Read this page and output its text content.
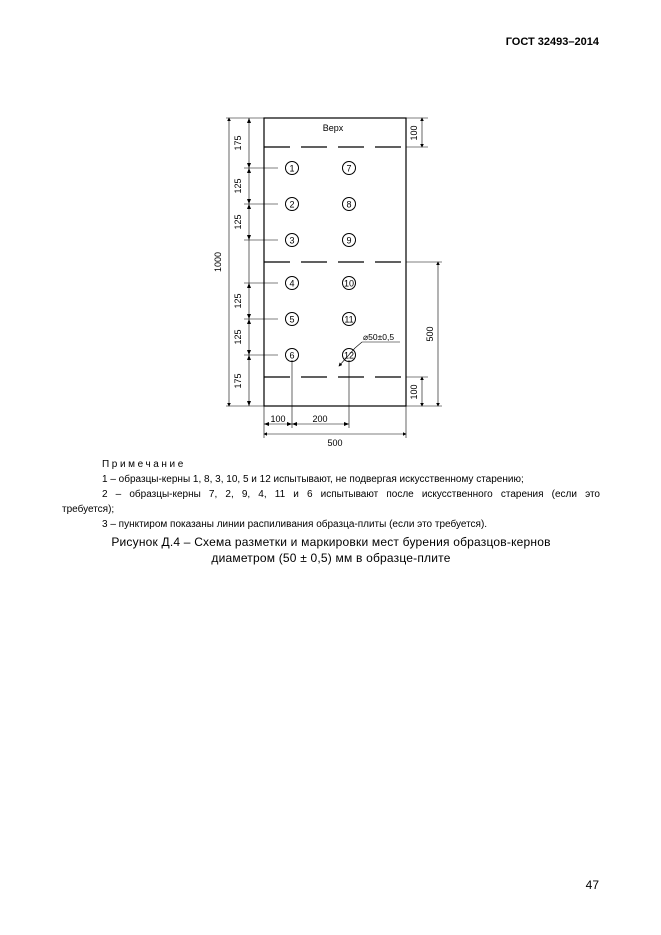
ГОСТ 32493–2014
Верх
175
125
125
1000
125
125
175
100
100
500
100	200
500
⌀50±0,5
1
2
3
4
5
6
7
8
9
10
11
12
Примечание

1 – образцы-керны 1, 8, 3, 10, 5 и 12 испытывают, не подвергая искусственному старению;

2 – образцы-керны 7, 2, 9, 4, 11 и 6 испытывают после искусственного старения (если это

требуется);

3 – пунктиром показаны линии распиливания образца-плиты (если это требуется).

Рисунок Д.4 – Схема разметки и маркировки мест бурения образцов-кернов

диаметром (50 ± 0,5) мм в образце-плите

47
